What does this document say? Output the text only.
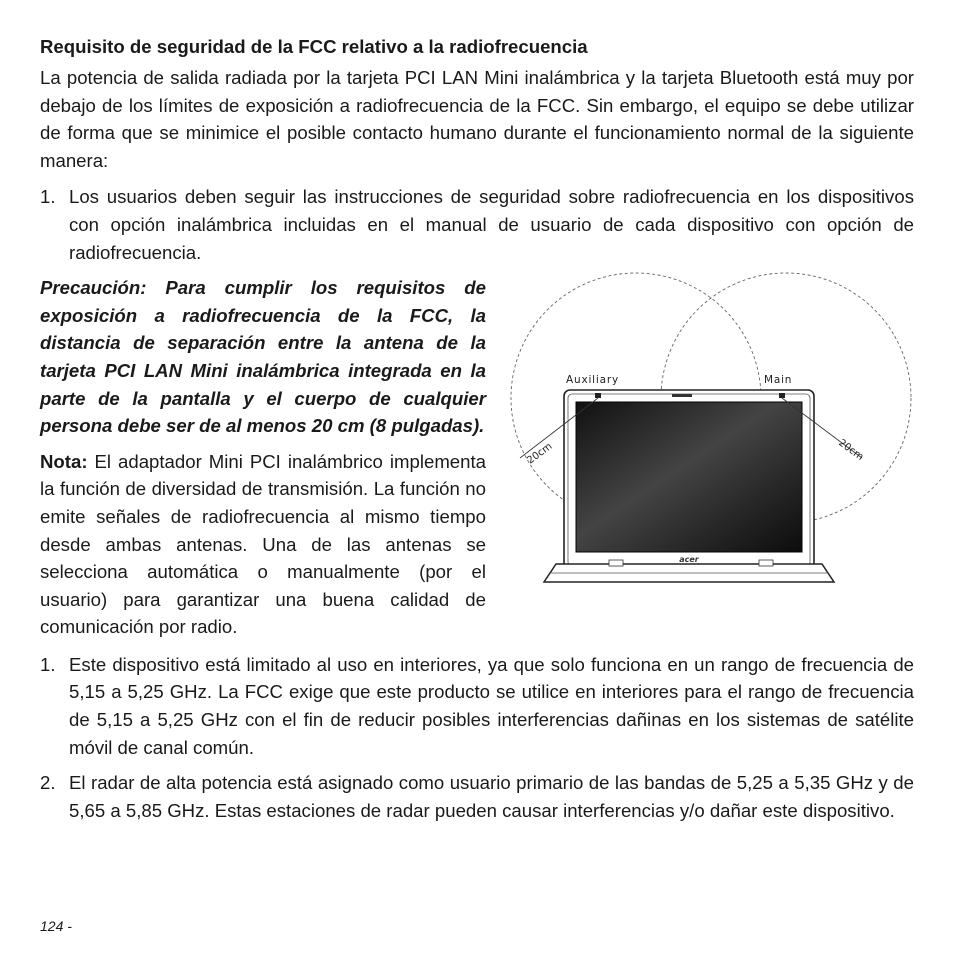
Requisito de seguridad de la FCC relativo a la radiofrecuencia

La potencia de salida radiada por la tarjeta PCI LAN Mini inalámbrica y la tarjeta Bluetooth está muy por debajo de los límites de exposición a radiofrecuencia de la FCC. Sin embargo, el equipo se debe utilizar de forma que se minimice el posible contacto humano durante el funcionamiento normal de la siguiente manera:

1. Los usuarios deben seguir las instrucciones de seguridad sobre radiofrecuencia en los dispositivos con opción inalámbrica incluidas en el manual de usuario de cada dispositivo con opción de radiofrecuencia.
acer
Auxiliary	Main
20cm	20cm

Precaución: Para cumplir los requisitos de exposición a radiofrecuencia de la FCC, la distancia de separación entre la antena de la tarjeta PCI LAN Mini inalámbrica integrada en la parte de la pantalla y el cuerpo de cualquier persona debe ser de al menos 20 cm (8 pulgadas).

Nota: El adaptador Mini PCI inalámbrico implementa la función de diversidad de transmisión. La función no emite señales de radiofrecuencia al mismo tiempo desde ambas antenas. Una de las antenas se selecciona automática o manualmente (por el usuario) para garantizar una buena calidad de comunicación por radio.

1. Este dispositivo está limitado al uso en interiores, ya que solo funciona en un rango de frecuencia de 5,15 a 5,25 GHz. La FCC exige que este producto se utilice en interiores para el rango de frecuencia de 5,15 a 5,25 GHz con el fin de reducir posibles interferencias dañinas en los sistemas de satélite móvil de canal común.
2. El radar de alta potencia está asignado como usuario primario de las bandas de 5,25 a 5,35 GHz y de 5,65 a 5,85 GHz. Estas estaciones de radar pueden causar interferencias y/o dañar este dispositivo.
124 -
